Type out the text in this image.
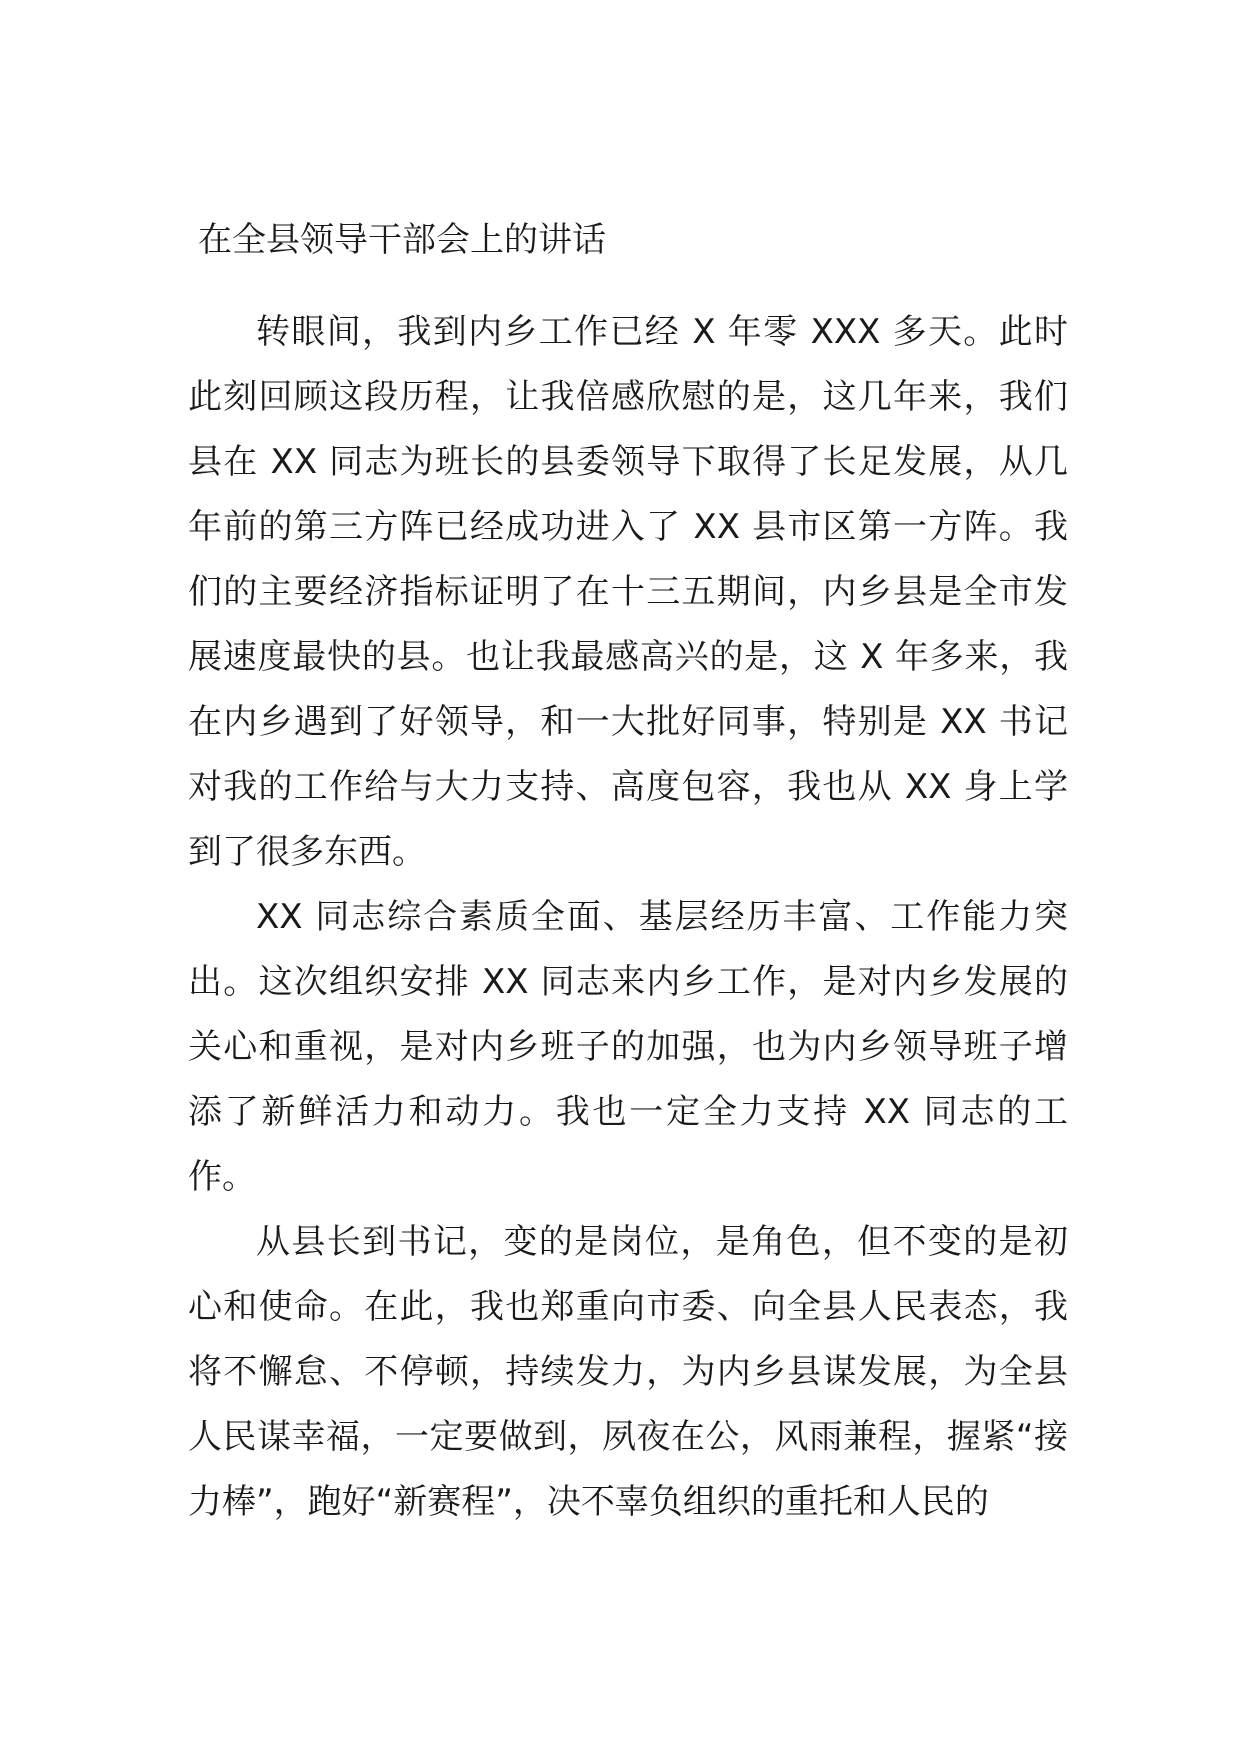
在全县领导干部会上的讲话

转眼间，我到内乡工作已经 X 年零 XXX 多天。此时此刻回顾这段历程，让我倍感欣慰的是，这几年来，我们县在 XX 同志为班长的县委领导下取得了长足发展，从几年前的第三方阵已经成功进入了 XX 县市区第一方阵。我们的主要经济指标证明了在十三五期间，内乡县是全市发展速度最快的县。也让我最感高兴的是，这 X 年多来，我在内乡遇到了好领导，和一大批好同事，特别是 XX 书记对我的工作给与大力支持、高度包容，我也从 XX 身上学到了很多东西。

XX 同志综合素质全面、基层经历丰富、工作能力突出。这次组织安排 XX 同志来内乡工作，是对内乡发展的关心和重视，是对内乡班子的加强，也为内乡领导班子增添了新鲜活力和动力。我也一定全力支持 XX 同志的工作。

从县长到书记，变的是岗位，是角色，但不变的是初心和使命。在此，我也郑重向市委、向全县人民表态，我将不懈怠、不停顿，持续发力，为内乡县谋发展，为全县人民谋幸福，一定要做到，夙夜在公，风雨兼程，握紧“接力棒”，跑好“新赛程”，决不辜负组织的重托和人民的
